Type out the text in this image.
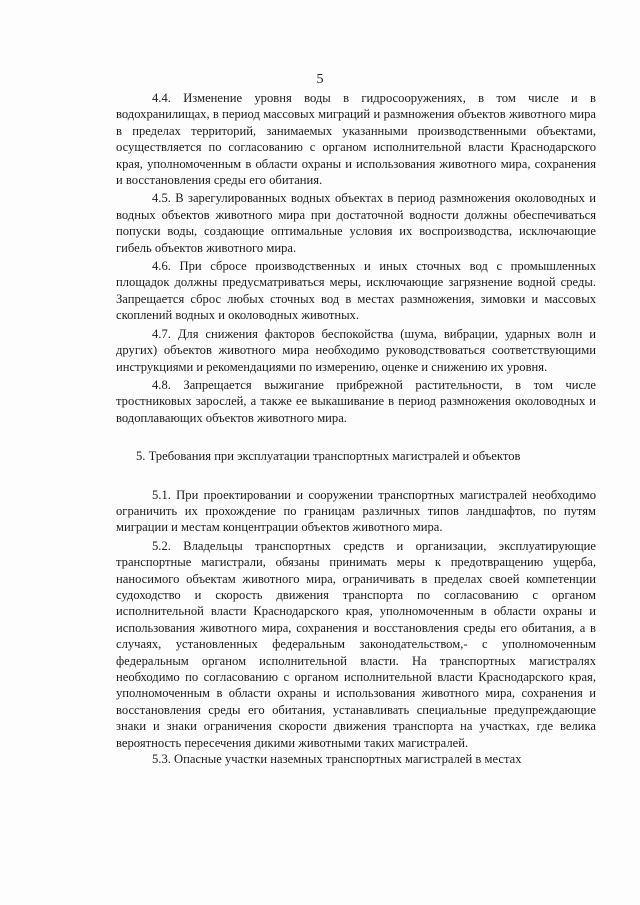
5

4.4. Изменение уровня воды в гидросооружениях, в том числе и в водохранилищах, в период массовых миграций и размножения объектов животного мира в пределах территорий, занимаемых указанными производственными объектами, осуществляется по согласованию с органом исполнительной власти Краснодарского края, уполномоченным в области охраны и использования животного мира, сохранения и восстановления среды его обитания.

4.5. В зарегулированных водных объектах в период размножения околоводных и водных объектов животного мира при достаточной водности должны обеспечиваться попуски воды, создающие оптимальные условия их воспроизводства, исключающие гибель объектов животного мира.

4.6. При сбросе производственных и иных сточных вод с промышленных площадок должны предусматриваться меры, исключающие загрязнение водной среды. Запрещается сброс любых сточных вод в местах размножения, зимовки и массовых скоплений водных и околоводных животных.

4.7. Для снижения факторов беспокойства (шума, вибрации, ударных волн и других) объектов животного мира необходимо руководствоваться соответствующими инструкциями и рекомендациями по измерению, оценке и снижению их уровня.

4.8. Запрещается выжигание прибрежной растительности, в том числе тростниковых зарослей, а также ее выкашивание в период размножения околоводных и водоплавающих объектов животного мира.

5. Требования при эксплуатации транспортных магистралей и объектов

5.1. При проектировании и сооружении транспортных магистралей необходимо ограничить их прохождение по границам различных типов ландшафтов, по путям миграции и местам концентрации объектов животного мира.

5.2. Владельцы транспортных средств и организации, эксплуатирующие транспортные магистрали, обязаны принимать меры к предотвращению ущерба, наносимого объектам животного мира, ограничивать в пределах своей компетенции судоходство и скорость движения транспорта по согласованию с органом исполнительной власти Краснодарского края, уполномоченным в области охраны и использования животного мира, сохранения и восстановления среды его обитания, а в случаях, установленных федеральным законодательством,- с уполномоченным федеральным органом исполнительной власти. На транспортных магистралях необходимо по согласованию с органом исполнительной власти Краснодарского края, уполномоченным в области охраны и использования животного мира, сохранения и восстановления среды его обитания, устанавливать специальные предупреждающие знаки и знаки ограничения скорости движения транспорта на участках, где велика вероятность пересечения дикими животными таких магистралей.

5.3. Опасные участки наземных транспортных магистралей в местах
